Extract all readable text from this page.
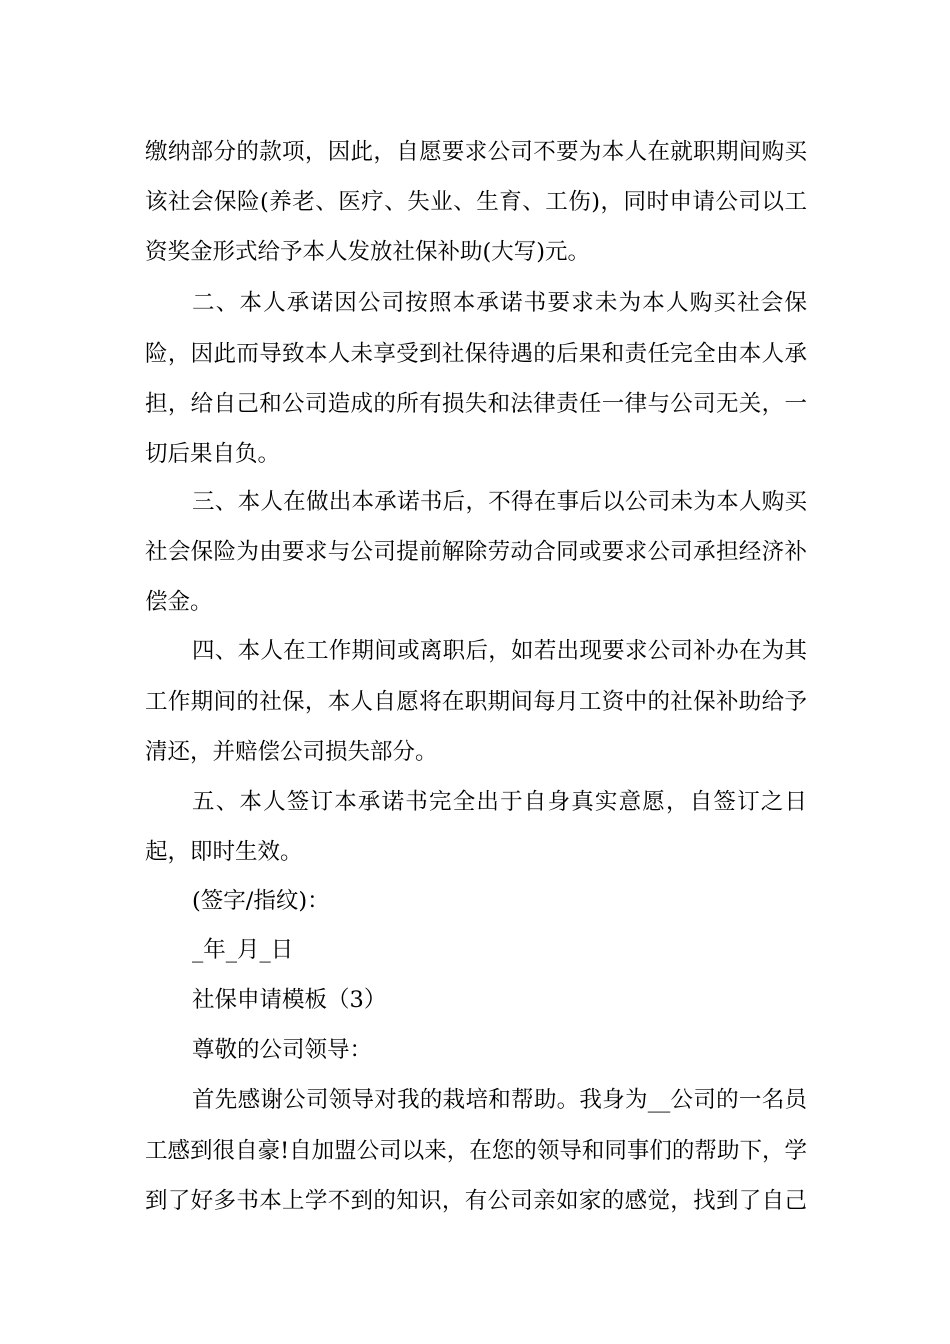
缴纳部分的款项，因此，自愿要求公司不要为本人在就职期间购买
该社会保险(养老、医疗、失业、生育、工伤)，同时申请公司以工
资奖金形式给予本人发放社保补助(大写)元。
二、本人承诺因公司按照本承诺书要求未为本人购买社会保
险，因此而导致本人未享受到社保待遇的后果和责任完全由本人承
担，给自己和公司造成的所有损失和法律责任一律与公司无关，一
切后果自负。
三、本人在做出本承诺书后，不得在事后以公司未为本人购买
社会保险为由要求与公司提前解除劳动合同或要求公司承担经济补
偿金。
四、本人在工作期间或离职后，如若出现要求公司补办在为其
工作期间的社保，本人自愿将在职期间每月工资中的社保补助给予
清还，并赔偿公司损失部分。
五、本人签订本承诺书完全出于自身真实意愿，自签订之日
起，即时生效。
(签字/指纹)：
_年_月_日
社保申请模板（3）
尊敬的公司领导：
首先感谢公司领导对我的栽培和帮助。我身为__公司的一名员
工感到很自豪!自加盟公司以来，在您的领导和同事们的帮助下，学
到了好多书本上学不到的知识，有公司亲如家的感觉，找到了自己
